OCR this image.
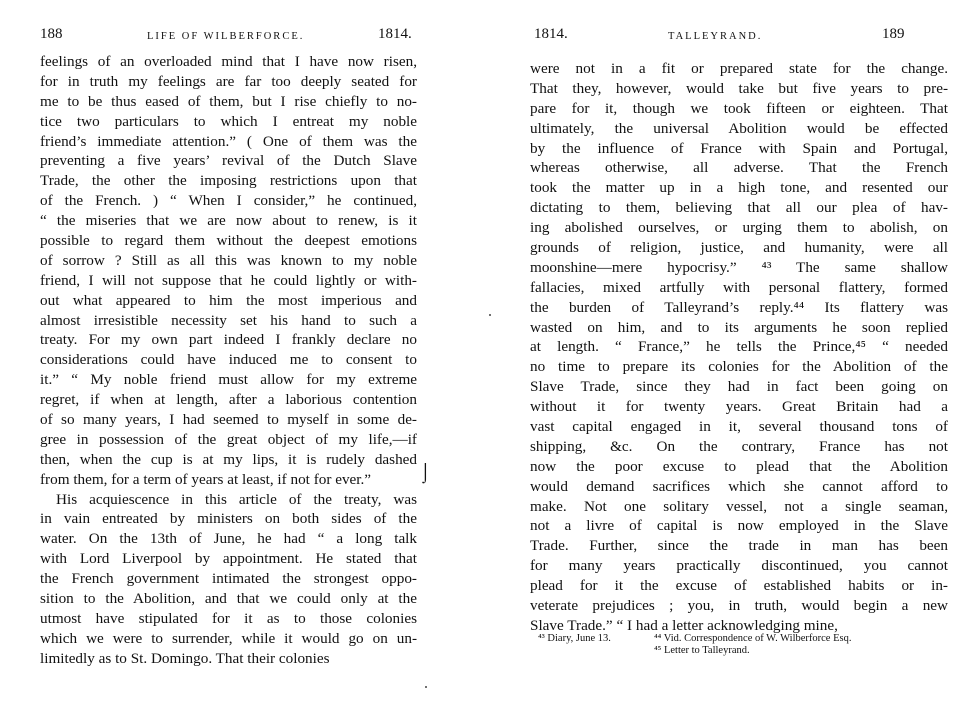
188	LIFE OF WILBERFORCE.	1814.
feelings of an overloaded mind that I have now risen,
for in truth my feelings are far too deeply seated for
me to be thus eased of them, but I rise chiefly to no-
tice two particulars to which I entreat my noble
friend’s immediate attention.” ( One of them was the
preventing a five years’ revival of the Dutch Slave
Trade, the other the imposing restrictions upon that
of the French. ) “ When I consider,” he continued,
“ the miseries that we are now about to renew, is it
possible to regard them without the deepest emotions
of sorrow ? Still as all this was known to my noble
friend, I will not suppose that he could lightly or with-
out what appeared to him the most imperious and
almost irresistible necessity set his hand to such a
treaty. For my own part indeed I frankly declare no
considerations could have induced me to consent to
it.” “ My noble friend must allow for my extreme
regret, if when at length, after a laborious contention
of so many years, I had seemed to myself in some de-
gree in possession of the great object of my life,—if
then, when the cup is at my lips, it is rudely dashed
from them, for a term of years at least, if not for ever.”
His acquiescence in this article of the treaty, was
in vain entreated by ministers on both sides of the
water. On the 13th of June, he had “ a long talk
with Lord Liverpool by appointment. He stated that
the French government intimated the strongest oppo-
sition to the Abolition, and that we could only at the
utmost have stipulated for it as to those colonies
which we were to surrender, while it would go on un-
limitedly as to St. Domingo. That their colonies
⌡
1814.	TALLEYRAND.	189
were not in a fit or prepared state for the change.
That they, however, would take but five years to pre-
pare for it, though we took fifteen or eighteen. That
ultimately, the universal Abolition would be effected
by the influence of France with Spain and Portugal,
whereas otherwise, all adverse. That the French
took the matter up in a high tone, and resented our
dictating to them, believing that all our plea of hav-
ing abolished ourselves, or urging them to abolish, on
grounds of religion, justice, and humanity, were all
moonshine—mere hypocrisy.” ⁴³ The same shallow
fallacies, mixed artfully with personal flattery, formed
the burden of Talleyrand’s reply.⁴⁴ Its flattery was
wasted on him, and to its arguments he soon replied
at length. “ France,” he tells the Prince,⁴⁵ “ needed
no time to prepare its colonies for the Abolition of the
Slave Trade, since they had in fact been going on
without it for twenty years. Great Britain had a
vast capital engaged in it, several thousand tons of
shipping, &c. On the contrary, France has not
now the poor excuse to plead that the Abolition
would demand sacrifices which she cannot afford to
make. Not one solitary vessel, not a single seaman,
not a livre of capital is now employed in the Slave
Trade. Further, since the trade in man has been
for many years practically discontinued, you cannot
plead for it the excuse of established habits or in-
veterate prejudices ; you, in truth, would begin a new
Slave Trade.” “ I had a letter acknowledging mine,
⁴³ Diary, June 13.	⁴⁴ Vid. Correspondence of W. Wilberforce Esq.
⁴⁵ Letter to Talleyrand.
